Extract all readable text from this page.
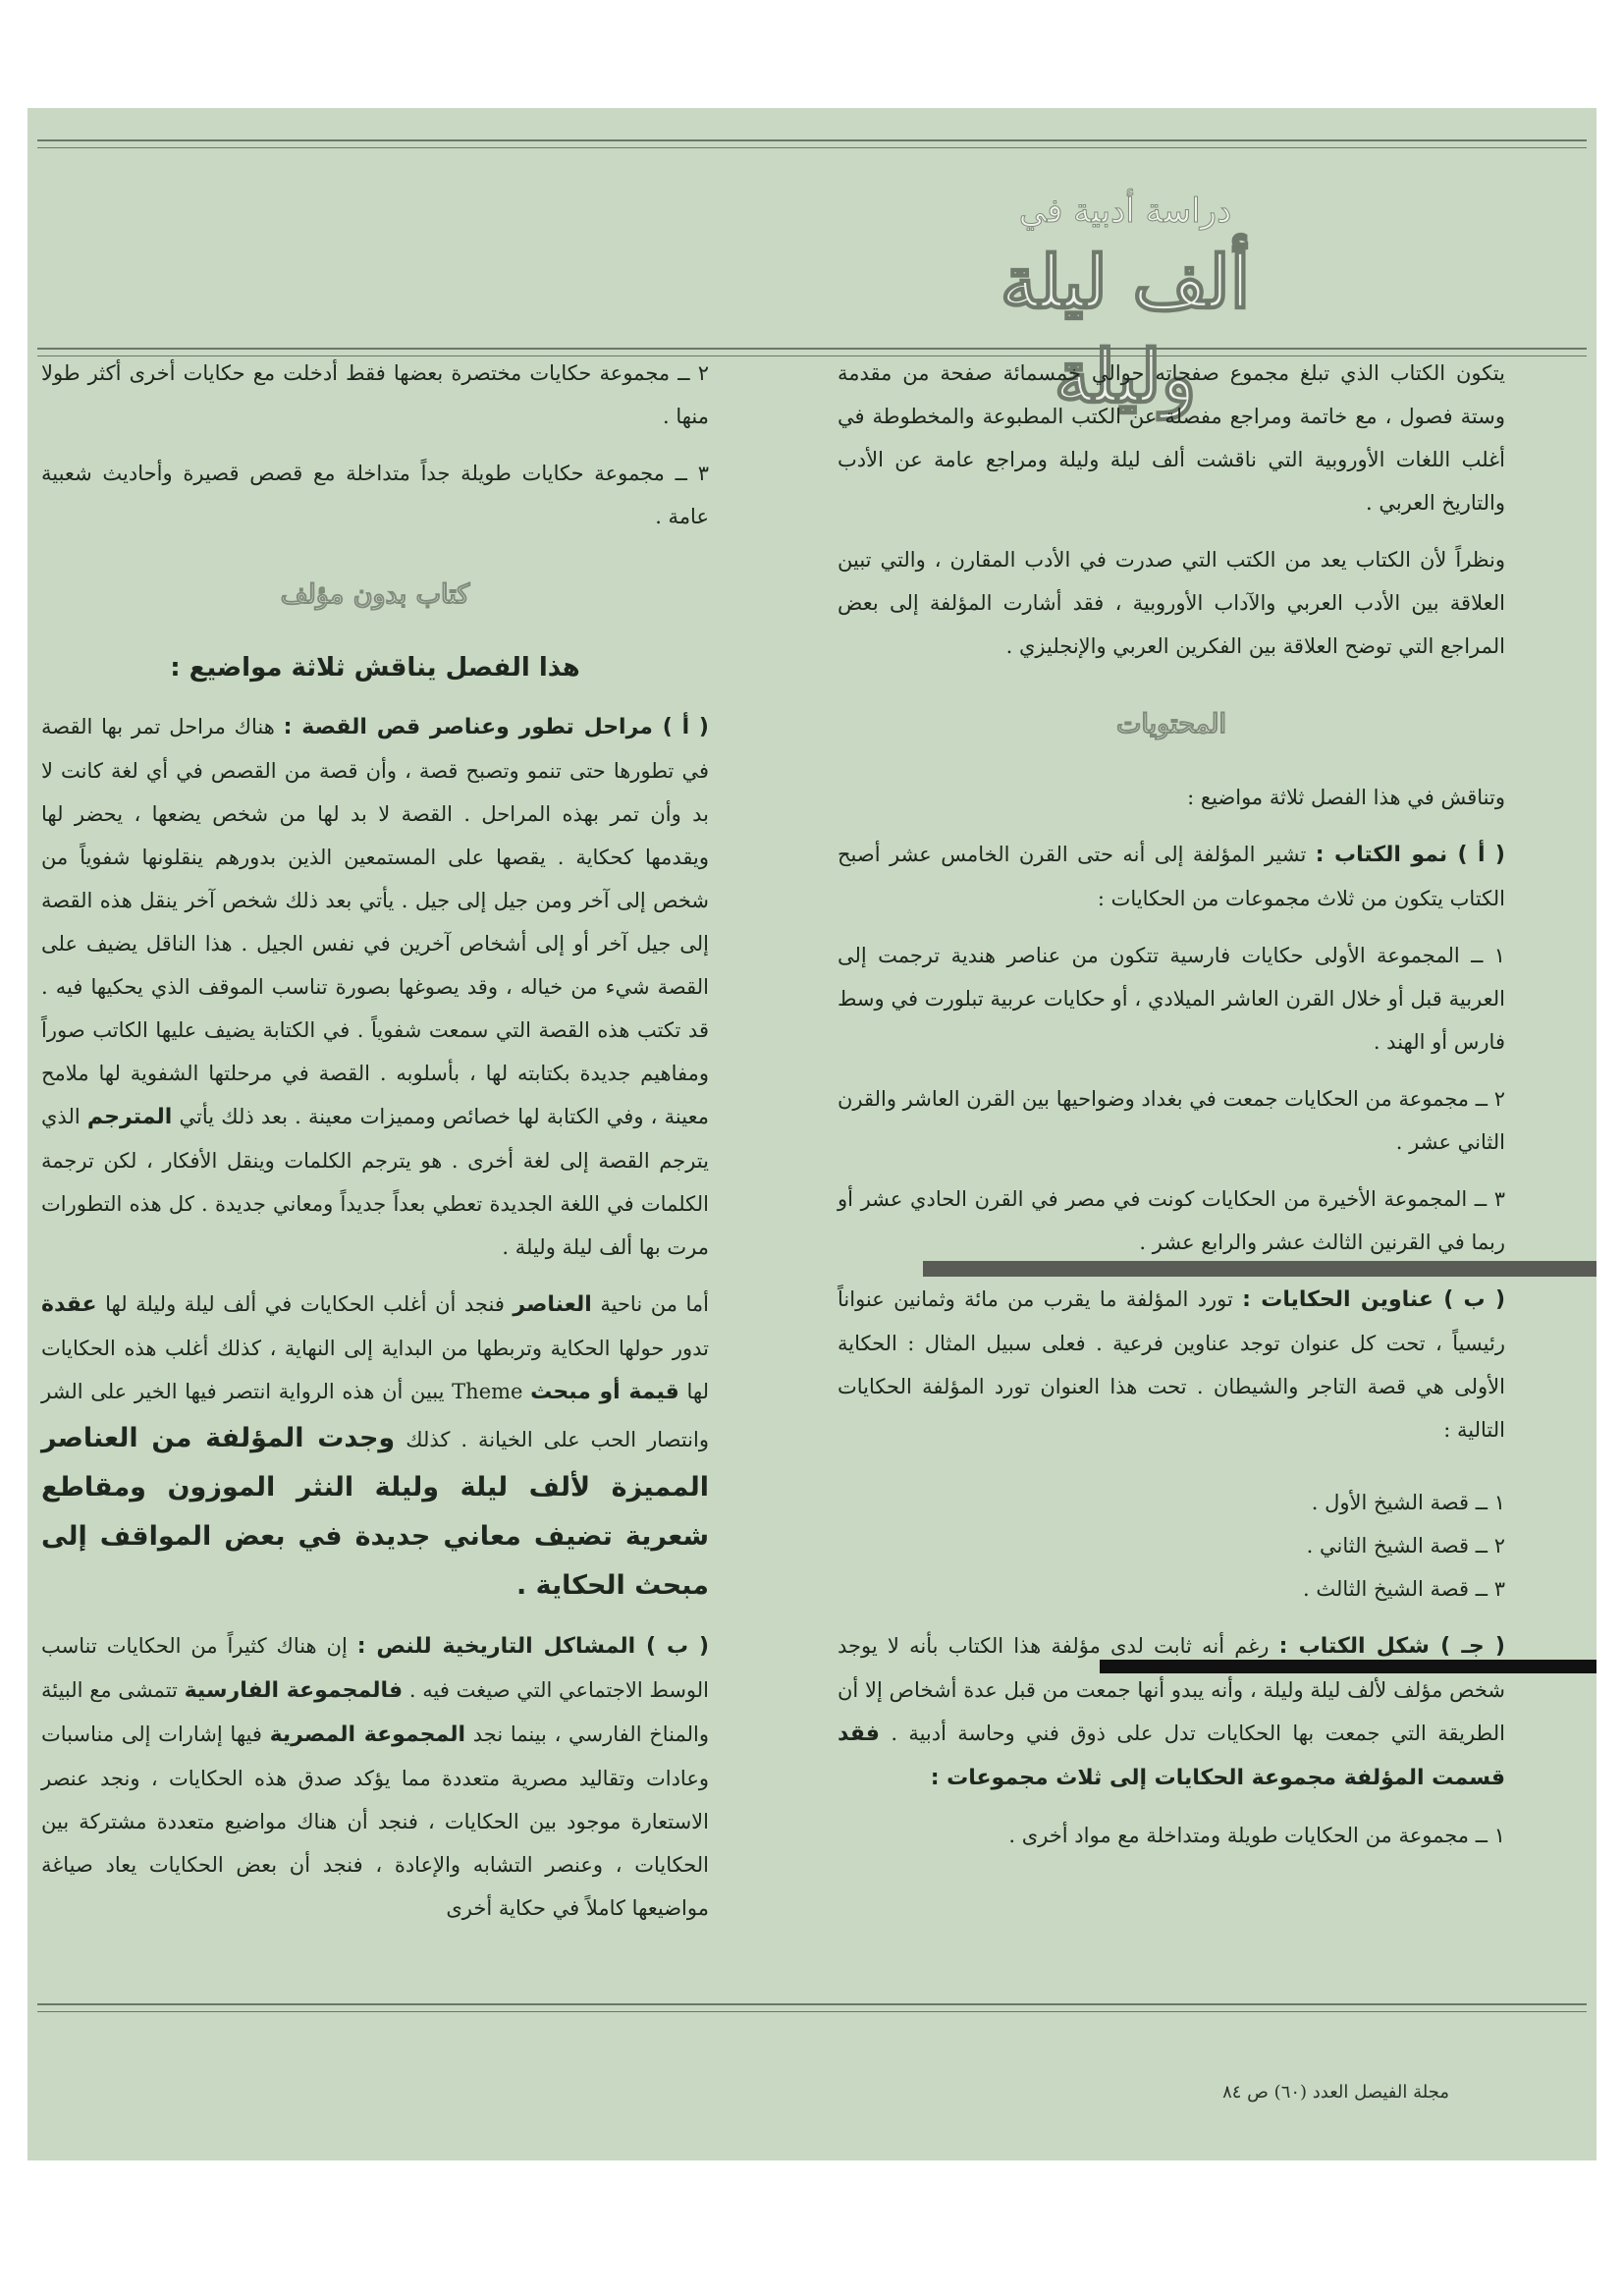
دراسة أدبية في
ألف ليلة وليلة
مجلة الفيصل العدد (٦٠) ص ٨٤

يتكون الكتاب الذي تبلغ مجموع صفحاته حوالي خمسمائة صفحة من مقدمة وستة فصول ، مع خاتمة ومراجع مفصلة عن الكتب المطبوعة والمخطوطة في أغلب اللغات الأوروبية التي ناقشت ألف ليلة وليلة ومراجع عامة عن الأدب والتاريخ العربي .

ونظراً لأن الكتاب يعد من الكتب التي صدرت في الأدب المقارن ، والتي تبين العلاقة بين الأدب العربي والآداب الأوروبية ، فقد أشارت المؤلفة إلى بعض المراجع التي توضح العلاقة بين الفكرين العربي والإنجليزي .

المحتويات

وتناقش في هذا الفصل ثلاثة مواضيع :

( أ ) نمو الكتاب : تشير المؤلفة إلى أنه حتى القرن الخامس عشر أصبح الكتاب يتكون من ثلاث مجموعات من الحكايات :

١ ــ المجموعة الأولى حكايات فارسية تتكون من عناصر هندية ترجمت إلى العربية قبل أو خلال القرن العاشر الميلادي ، أو حكايات عربية تبلورت في وسط فارس أو الهند .

٢ ــ مجموعة من الحكايات جمعت في بغداد وضواحيها بين القرن العاشر والقرن الثاني عشر .

٣ ــ المجموعة الأخيرة من الحكايات كونت في مصر في القرن الحادي عشر أو ربما في القرنين الثالث عشر والرابع عشر .

( ب ) عناوين الحكايات : تورد المؤلفة ما يقرب من مائة وثمانين عنواناً رئيسياً ، تحت كل عنوان توجد عناوين فرعية . فعلى سبيل المثال : الحكاية الأولى هي قصة التاجر والشيطان . تحت هذا العنوان تورد المؤلفة الحكايات التالية :

١ ــ قصة الشيخ الأول .
٢ ــ قصة الشيخ الثاني .
٣ ــ قصة الشيخ الثالث .

( جـ ) شكل الكتاب : رغم أنه ثابت لدى مؤلفة هذا الكتاب بأنه لا يوجد شخص مؤلف لألف ليلة وليلة ، وأنه يبدو أنها جمعت من قبل عدة أشخاص إلا أن الطريقة التي جمعت بها الحكايات تدل على ذوق فني وحاسة أدبية . فقد قسمت المؤلفة مجموعة الحكايات إلى ثلاث مجموعات :

١ ــ مجموعة من الحكايات طويلة ومتداخلة مع مواد أخرى .

٢ ــ مجموعة حكايات مختصرة بعضها فقط أدخلت مع حكايات أخرى أكثر طولا منها .

٣ ــ مجموعة حكايات طويلة جداً متداخلة مع قصص قصيرة وأحاديث شعبية عامة .

كتاب بدون مؤلف
هذا الفصل يناقش ثلاثة مواضيع :

( أ ) مراحل تطور وعناصر قص القصة : هناك مراحل تمر بها القصة في تطورها حتى تنمو وتصبح قصة ، وأن قصة من القصص في أي لغة كانت لا بد وأن تمر بهذه المراحل . القصة لا بد لها من شخص يضعها ، يحضر لها ويقدمها كحكاية . يقصها على المستمعين الذين بدورهم ينقلونها شفوياً من شخص إلى آخر ومن جيل إلى جيل . يأتي بعد ذلك شخص آخر ينقل هذه القصة إلى جيل آخر أو إلى أشخاص آخرين في نفس الجيل . هذا الناقل يضيف على القصة شيء من خياله ، وقد يصوغها بصورة تناسب الموقف الذي يحكيها فيه . قد تكتب هذه القصة التي سمعت شفوياً . في الكتابة يضيف عليها الكاتب صوراً ومفاهيم جديدة بكتابته لها ، بأسلوبه . القصة في مرحلتها الشفوية لها ملامح معينة ، وفي الكتابة لها خصائص ومميزات معينة . بعد ذلك يأتي المترجم الذي يترجم القصة إلى لغة أخرى . هو يترجم الكلمات وينقل الأفكار ، لكن ترجمة الكلمات في اللغة الجديدة تعطي بعداً جديداً ومعاني جديدة . كل هذه التطورات مرت بها ألف ليلة وليلة .

أما من ناحية العناصر فنجد أن أغلب الحكايات في ألف ليلة وليلة لها عقدة تدور حولها الحكاية وتربطها من البداية إلى النهاية ، كذلك أغلب هذه الحكايات لها قيمة أو مبحث Theme يبين أن هذه الرواية انتصر فيها الخير على الشر وانتصار الحب على الخيانة . كذلك وجدت المؤلفة من العناصر المميزة لألف ليلة وليلة النثر الموزون ومقاطع شعرية تضيف معاني جديدة في بعض المواقف إلى مبحث الحكاية .

( ب ) المشاكل التاريخية للنص : إن هناك كثيراً من الحكايات تناسب الوسط الاجتماعي التي صيغت فيه . فالمجموعة الفارسية تتمشى مع البيئة والمناخ الفارسي ، بينما نجد المجموعة المصرية فيها إشارات إلى مناسبات وعادات وتقاليد مصرية متعددة مما يؤكد صدق هذه الحكايات ، ونجد عنصر الاستعارة موجود بين الحكايات ، فنجد أن هناك مواضيع متعددة مشتركة بين الحكايات ، وعنصر التشابه والإعادة ، فنجد أن بعض الحكايات يعاد صياغة مواضيعها كاملاً في حكاية أخرى
